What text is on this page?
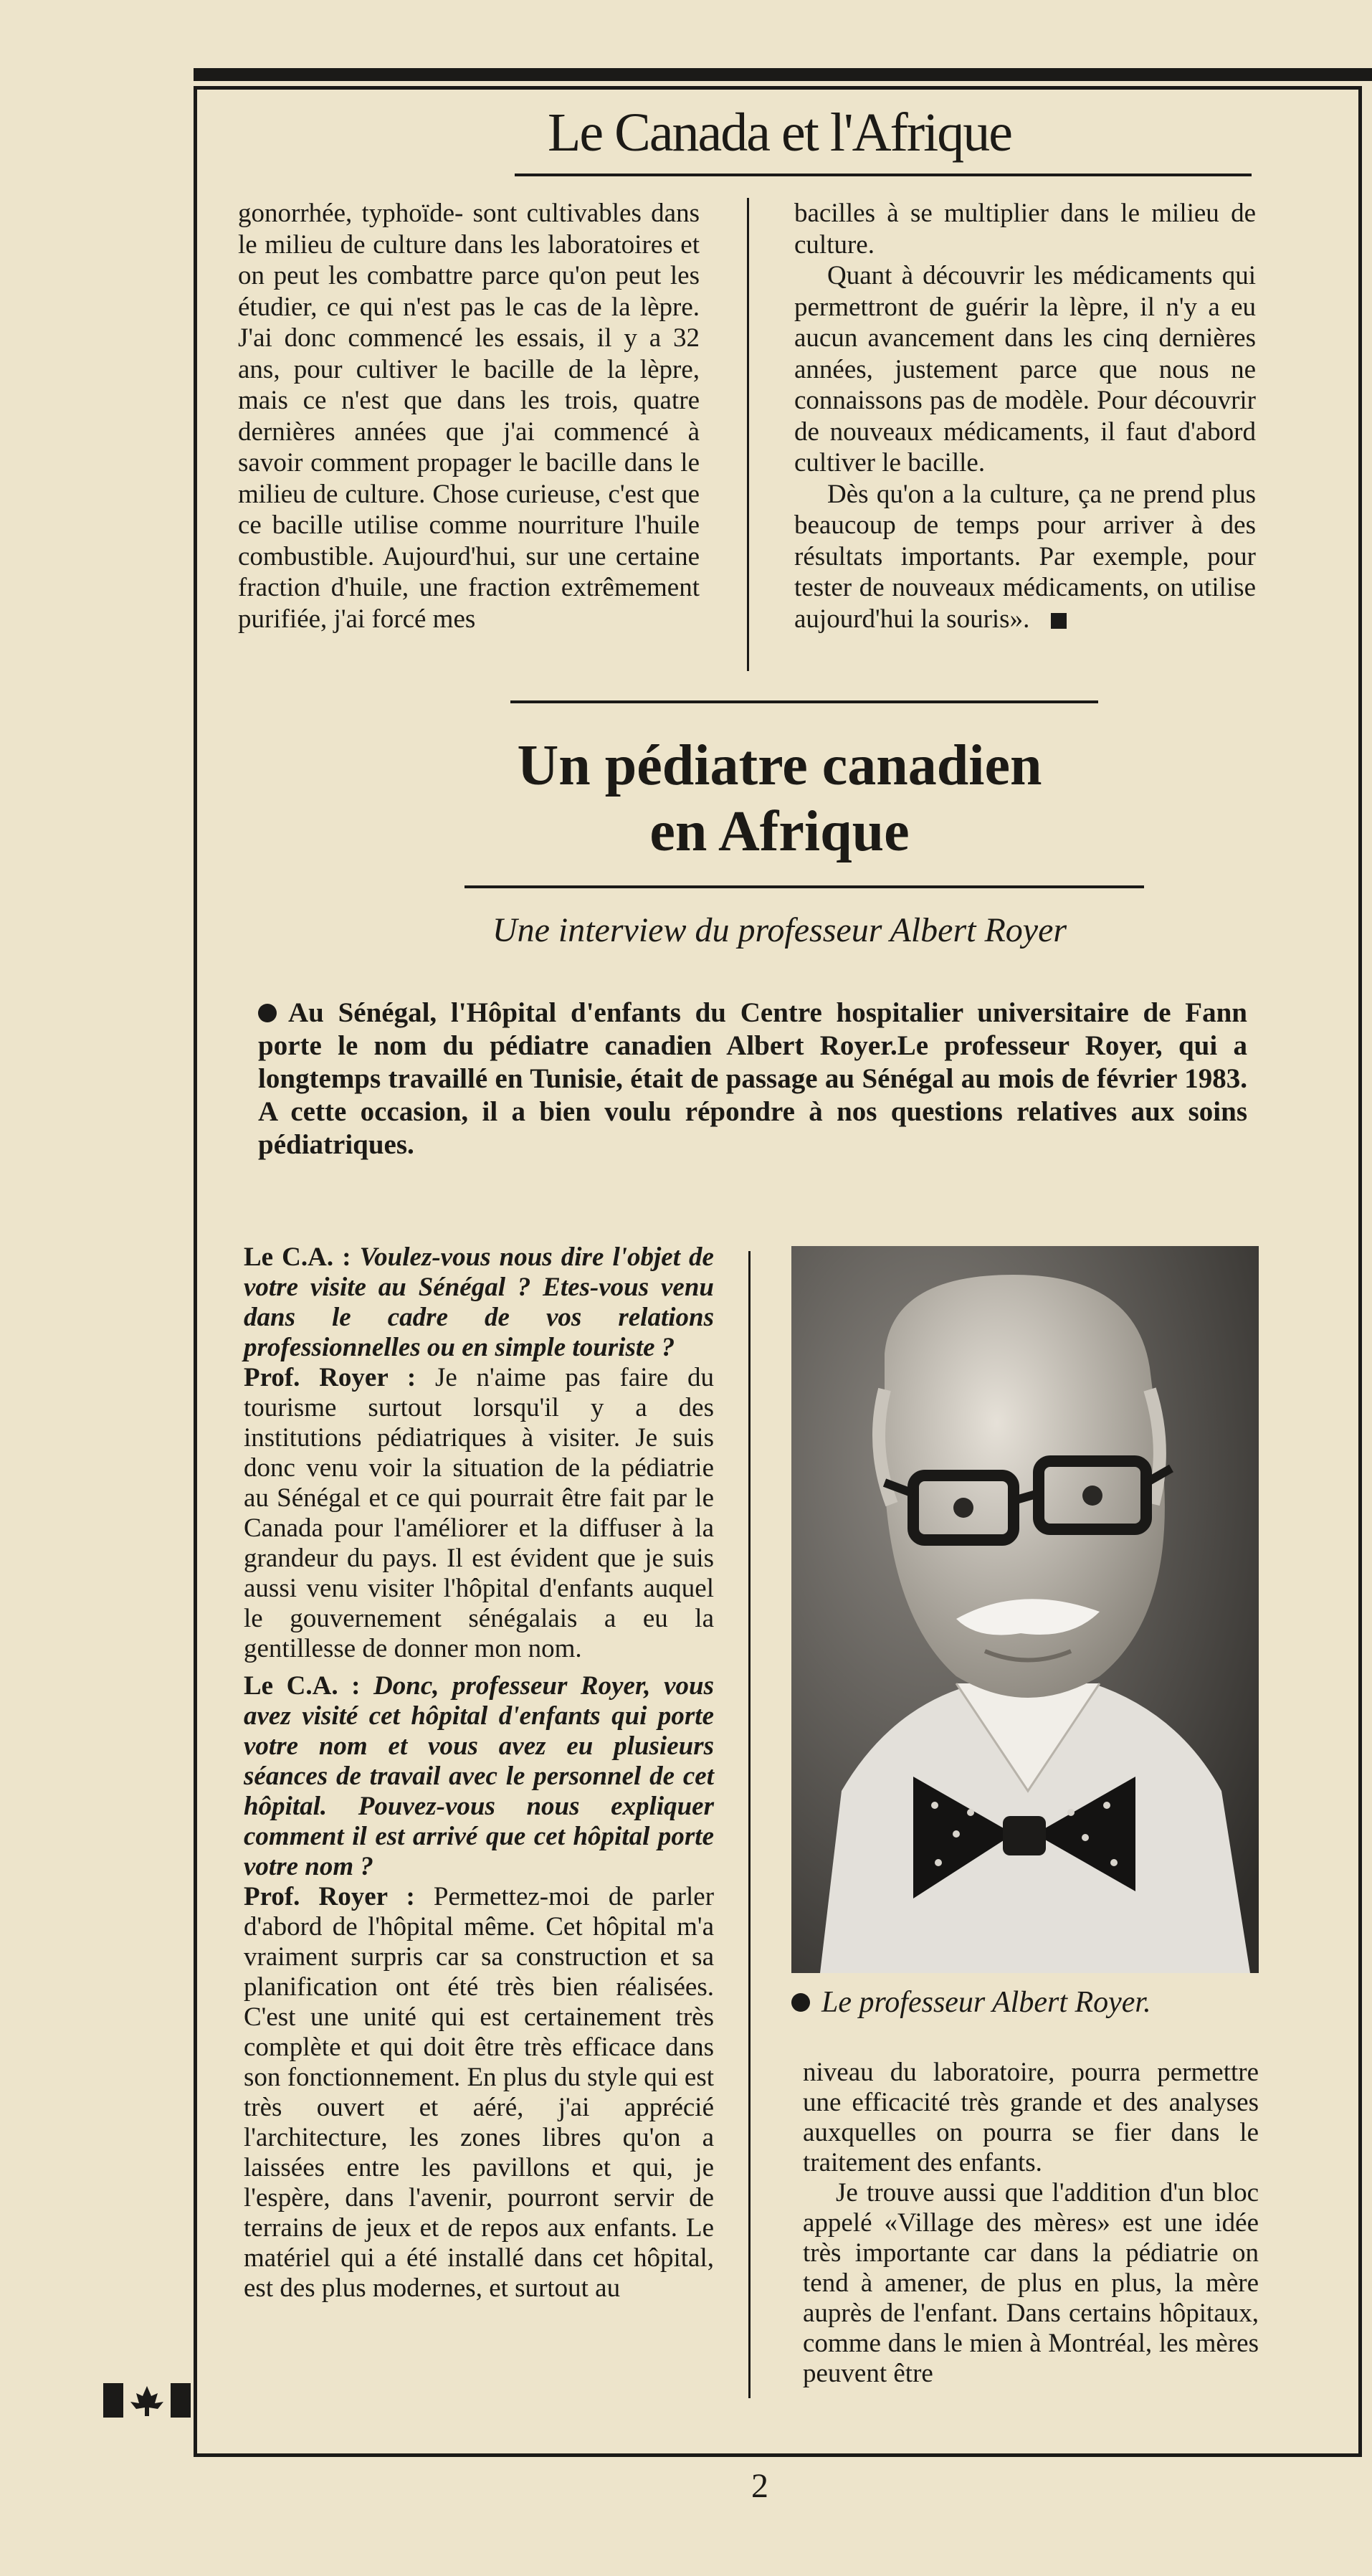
Le Canada et l'Afrique

gonorrhée, typhoïde- sont cultivables dans le milieu de culture dans les laboratoires et on peut les combattre parce qu'on peut les étudier, ce qui n'est pas le cas de la lèpre. J'ai donc commencé les essais, il y a 32 ans, pour cultiver le bacille de la lèpre, mais ce n'est que dans les trois, quatre dernières années que j'ai commencé à savoir comment propager le bacille dans le milieu de culture. Chose curieuse, c'est que ce bacille utilise comme nourriture l'huile combustible. Aujourd'hui, sur une certaine fraction d'huile, une fraction extrêmement purifiée, j'ai forcé mes

bacilles à se multiplier dans le milieu de culture.

Quant à découvrir les médicaments qui permettront de guérir la lèpre, il n'y a eu aucun avancement dans les cinq dernières années, justement parce que nous ne connaissons pas de modèle. Pour découvrir de nouveaux médicaments, il faut d'abord cultiver le bacille.

Dès qu'on a la culture, ça ne prend plus beaucoup de temps pour arriver à des résultats importants. Par exemple, pour tester de nouveaux médicaments, on utilise aujourd'hui la souris».

Un pédiatre canadien
en Afrique
Une interview du professeur Albert Royer
Au Sénégal, l'Hôpital d'enfants du Centre hospitalier universitaire de Fann porte le nom du pédiatre canadien Albert Royer.Le professeur Royer, qui a longtemps travaillé en Tunisie, était de passage au Sénégal au mois de février 1983. A cette occasion, il a bien voulu répondre à nos questions relatives aux soins pédiatriques.

Le C.A. : Voulez-vous nous dire l'objet de votre visite au Sénégal ? Etes-vous venu dans le cadre de vos relations professionnelles ou en simple touriste ?

Prof. Royer : Je n'aime pas faire du tourisme surtout lorsqu'il y a des institutions pédiatriques à visiter. Je suis donc venu voir la situation de la pédiatrie au Sénégal et ce qui pourrait être fait par le Canada pour l'améliorer et la diffuser à la grandeur du pays. Il est évident que je suis aussi venu visiter l'hôpital d'enfants auquel le gouvernement sénégalais a eu la gentillesse de donner mon nom.

Le C.A. : Donc, professeur Royer, vous avez visité cet hôpital d'enfants qui porte votre nom et vous avez eu plusieurs séances de travail avec le personnel de cet hôpital. Pouvez-vous nous expliquer comment il est arrivé que cet hôpital porte votre nom ?

Prof. Royer : Permettez-moi de parler d'abord de l'hôpital même. Cet hôpital m'a vraiment surpris car sa construction et sa planification ont été très bien réalisées. C'est une unité qui est certainement très complète et qui doit être très efficace dans son fonctionnement. En plus du style qui est très ouvert et aéré, j'ai apprécié l'architecture, les zones libres qu'on a laissées entre les pavillons et qui, je l'espère, dans l'avenir, pourront servir de terrains de jeux et de repos aux enfants. Le matériel qui a été installé dans cet hôpital, est des plus modernes, et surtout au

Le professeur Albert Royer.

niveau du laboratoire, pourra permettre une efficacité très grande et des analyses auxquelles on pourra se fier dans le traitement des enfants.

Je trouve aussi que l'addition d'un bloc appelé «Village des mères» est une idée très importante car dans la pédiatrie on tend à amener, de plus en plus, la mère auprès de l'enfant. Dans certains hôpitaux, comme dans le mien à Montréal, les mères peuvent être

2
